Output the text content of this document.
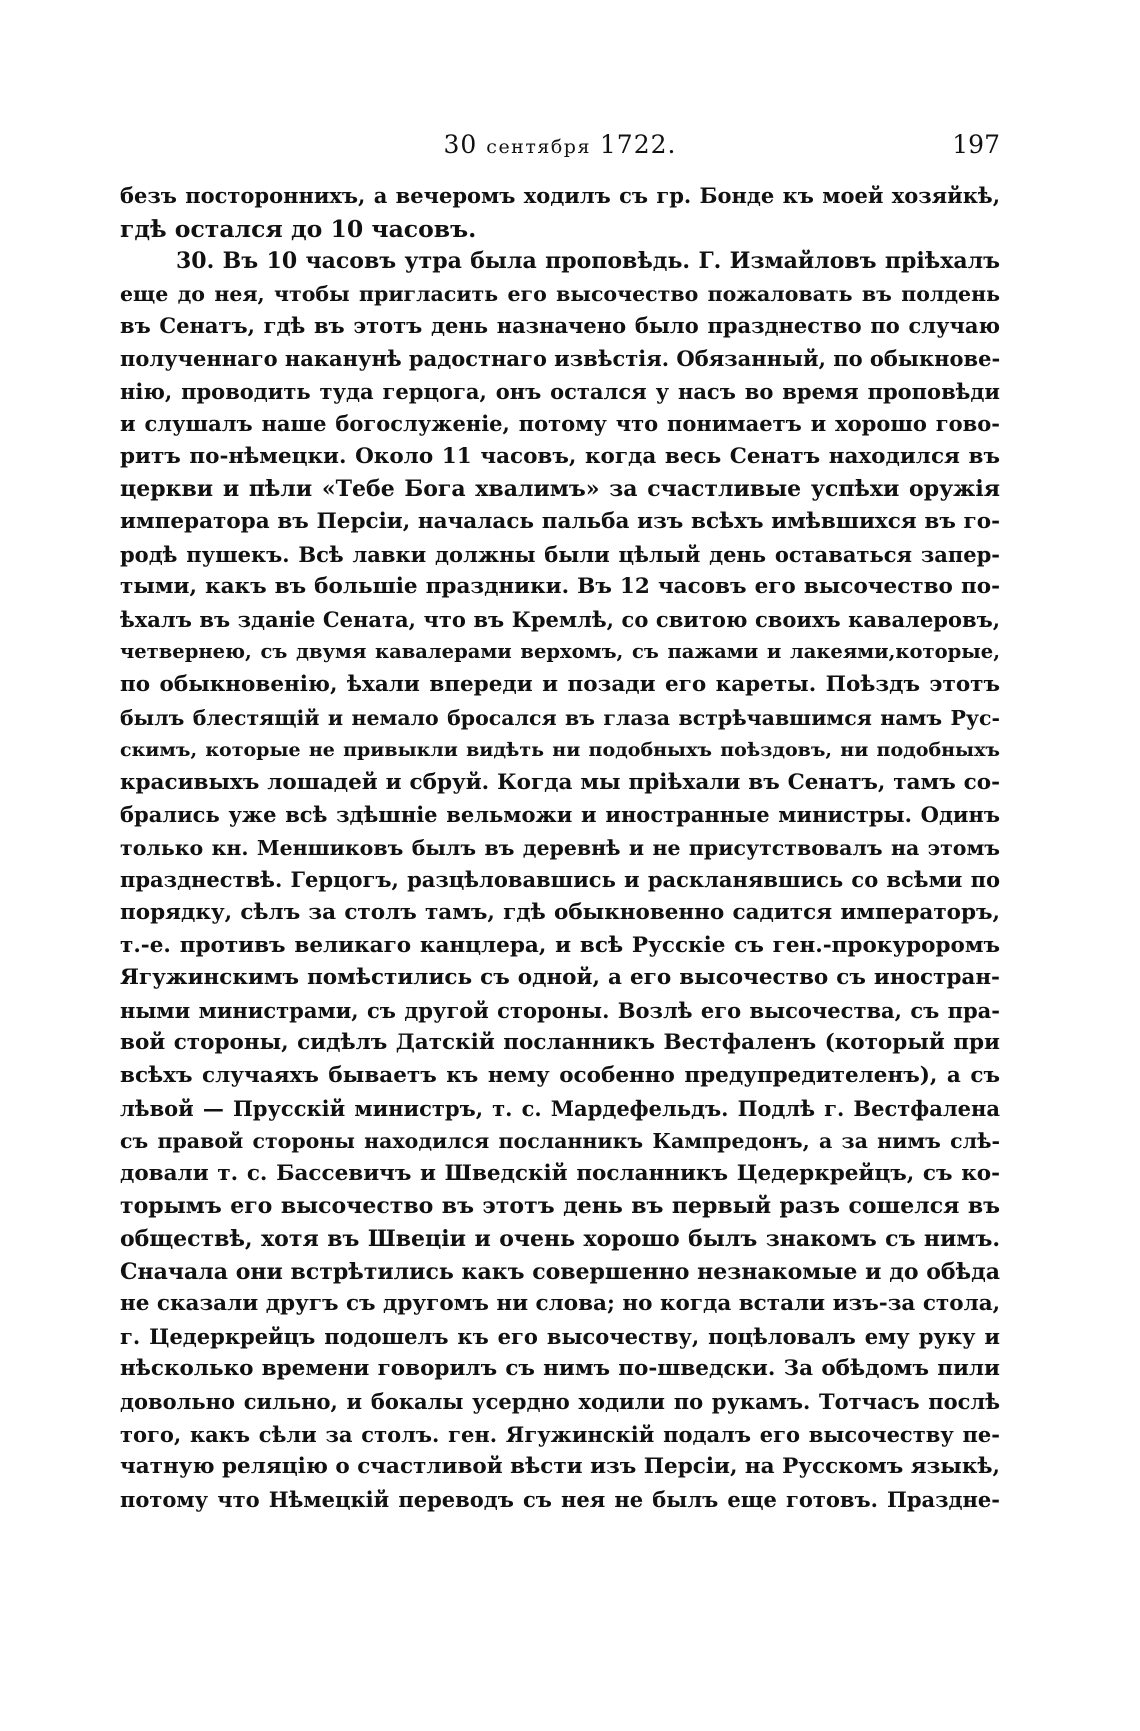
30 сентября 1722.	197
безъ постороннихъ, а вечеромъ ходилъ съ гр. Бонде къ моей хозяйкѣ,
гдѣ остался до 10 часовъ.
30. Въ 10 часовъ утра была проповѣдь. Г. Измайловъ пріѣхалъ
еще до нея, чтобы пригласить его высочество пожаловать въ полдень
въ Сенатъ, гдѣ въ этотъ день назначено было празднество по случаю
полученнаго наканунѣ радостнаго извѣстія. Обязанный, по обыкнове-
нію, проводить туда герцога, онъ остался у насъ во время проповѣди
и слушалъ наше богослуженіе, потому что понимаетъ и хорошо гово-
ритъ по-нѣмецки. Около 11 часовъ, когда весь Сенатъ находился въ
церкви и пѣли «Тебе Бога хвалимъ» за счастливые успѣхи оружія
императора въ Персіи, началась пальба изъ всѣхъ имѣвшихся въ го-
родѣ пушекъ. Всѣ лавки должны были цѣлый день оставаться запер-
тыми, какъ въ большіе праздники. Въ 12 часовъ его высочество по-
ѣхалъ въ зданіе Сената, что въ Кремлѣ, со свитою своихъ кавалеровъ,
четвернею, съ двумя кавалерами верхомъ, съ пажами и лакеями,которые,
по обыкновенію, ѣхали впереди и позади его кареты. Поѣздъ этотъ
былъ блестящій и немало бросался въ глаза встрѣчавшимся намъ Рус-
скимъ, которые не привыкли видѣть ни подобныхъ поѣздовъ, ни подобныхъ
красивыхъ лошадей и сбруй. Когда мы пріѣхали въ Сенатъ, тамъ со-
брались уже всѣ здѣшніе вельможи и иностранные министры. Одинъ
только кн. Меншиковъ былъ въ деревнѣ и не присутствовалъ на этомъ
празднествѣ. Герцогъ, разцѣловавшись и раскланявшись со всѣми по
порядку, сѣлъ за столъ тамъ, гдѣ обыкновенно садится императоръ,
т.-е. противъ великаго канцлера, и всѣ Русскіе съ ген.-прокуроромъ
Ягужинскимъ помѣстились съ одной, а его высочество съ иностран-
ными министрами, съ другой стороны. Возлѣ его высочества, съ пра-
вой стороны, сидѣлъ Датскій посланникъ Вестфаленъ (который при
всѣхъ случаяхъ бываетъ къ нему особенно предупредителенъ), а съ
лѣвой — Прусскій министръ, т. с. Мардефельдъ. Подлѣ г. Вестфалена
съ правой стороны находился посланникъ Кампредонъ, а за нимъ слѣ-
довали т. с. Бассевичъ и Шведскій посланникъ Цедеркрейцъ, съ ко-
торымъ его высочество въ этотъ день въ первый разъ сошелся въ
обществѣ, хотя въ Швеціи и очень хорошо былъ знакомъ съ нимъ.
Сначала они встрѣтились какъ совершенно незнакомые и до обѣда
не сказали другъ съ другомъ ни слова; но когда встали изъ-за стола,
г. Цедеркрейцъ подошелъ къ его высочеству, поцѣловалъ ему руку и
нѣсколько времени говорилъ съ нимъ по-шведски. За обѣдомъ пили
довольно сильно, и бокалы усердно ходили по рукамъ. Тотчасъ послѣ
того, какъ сѣли за столъ. ген. Ягужинскій подалъ его высочеству пе-
чатную реляцію о счастливой вѣсти изъ Персіи, на Русскомъ языкѣ,
потому что Нѣмецкій переводъ съ нея не былъ еще готовъ. Праздне-
